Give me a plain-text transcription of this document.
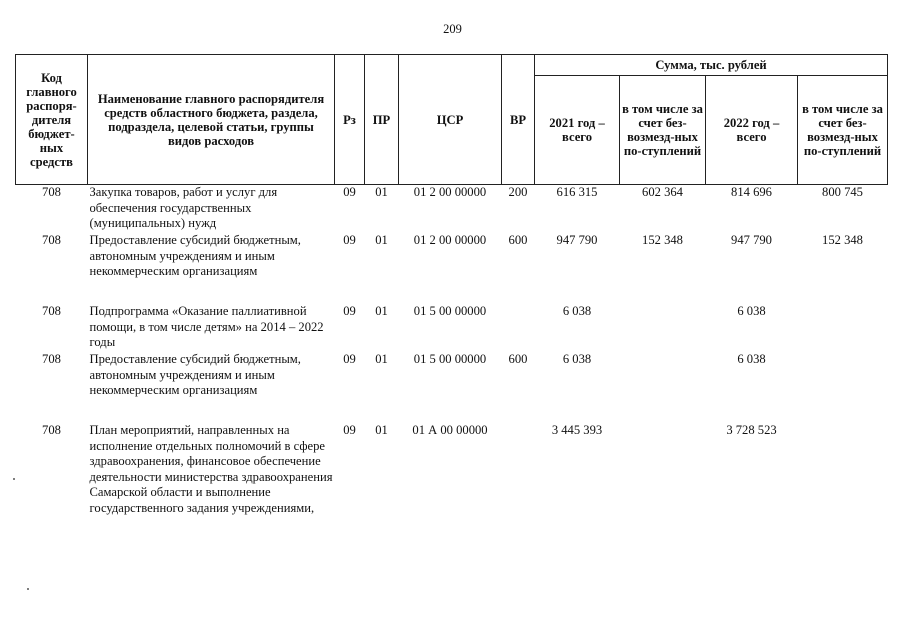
209
Код главного распоря-дителя бюджет-ных средств	Наименование главного распорядителя средств областного бюджета, раздела, подраздела, целевой статьи, группы видов расходов	Рз	ПР	ЦСР	ВР	Сумма, тыс. рублей			
						2021 год – всего	в том числе за счет без-возмезд-ных по-ступлений	2022 год – всего	в том числе за счет без-возмезд-ных по-ступлений
708	Закупка товаров, работ и услуг для обеспечения государственных (муниципальных) нужд	09	01	01 2 00 00000	200	616 315	602 364	814 696	800 745
708	Предоставление субсидий бюджетным, автономным учреждениям и иным некоммерческим организациям	09	01	01 2 00 00000	600	947 790	152 348	947 790	152 348
708	Подпрограмма «Оказание паллиативной помощи, в том числе детям» на 2014 – 2022 годы	09	01	01 5 00 00000		6 038		6 038	
708	Предоставление субсидий бюджетным, автономным учреждениям и иным некоммерческим организациям	09	01	01 5 00 00000	600	6 038		6 038	
708	План мероприятий, направленных на исполнение отдельных полномочий в сфере здравоохранения, финансовое обеспечение деятельности министерства здравоохранения Самарской области и выполнение государственного задания учреждениями,	09	01	01 А 00 00000		3 445 393		3 728 523	
